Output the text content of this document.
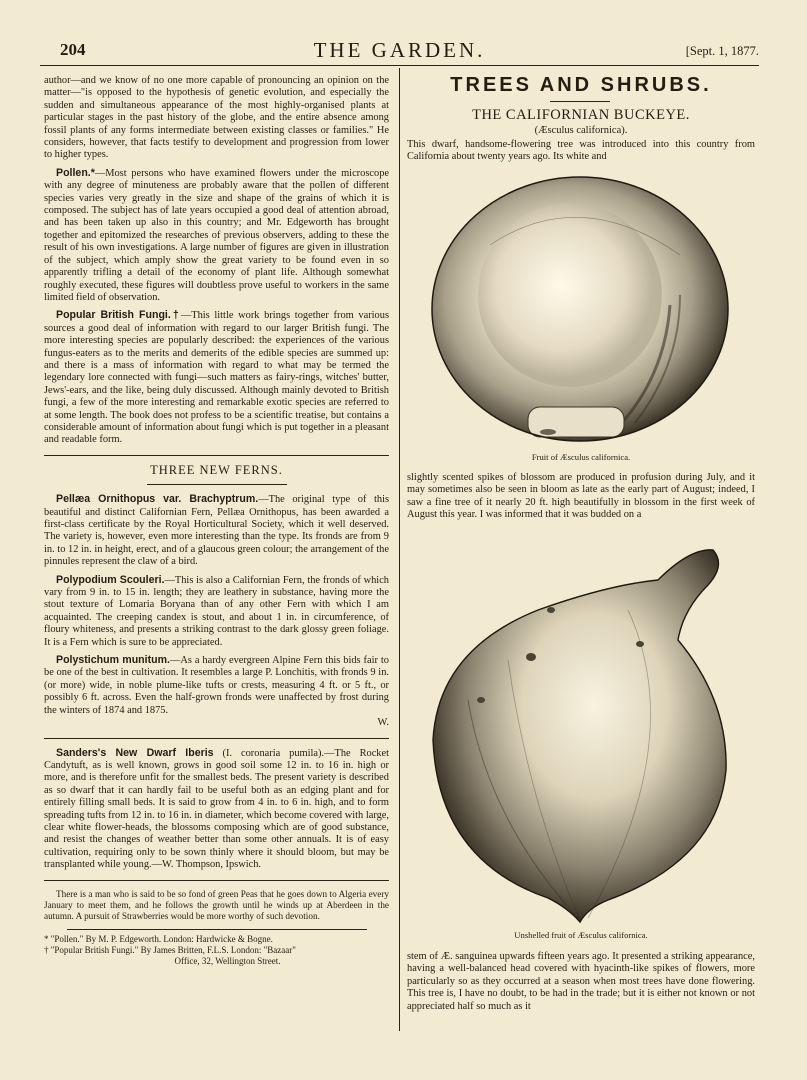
204	THE GARDEN.	[Sept. 1, 1877.

author—and we know of no one more capable of pronouncing an opinion on the matter—"is opposed to the hypothesis of genetic evolution, and especially the sudden and simultaneous appearance of the most highly-organised plants at particular stages in the past history of the globe, and the entire absence among fossil plants of any forms intermediate between existing classes or families." He considers, however, that facts testify to development and progression from lower to higher types.

Pollen.*—Most persons who have examined flowers under the microscope with any degree of minuteness are probably aware that the pollen of different species varies very greatly in the size and shape of the grains of which it is composed. The subject has of late years occupied a good deal of attention abroad, and has been taken up also in this country; and Mr. Edgeworth has brought together and epitomized the researches of previous observers, adding to these the result of his own investigations. A large number of figures are given in illustration of the subject, which amply show the great variety to be found even in so apparently trifling a detail of the economy of plant life. Although somewhat roughly executed, these figures will doubtless prove useful to workers in the same limited field of observation.

Popular British Fungi.†—This little work brings together from various sources a good deal of information with regard to our larger British fungi. The more interesting species are popularly described: the experiences of the various fungus-eaters as to the merits and demerits of the edible species are summed up: and there is a mass of information with regard to what may be termed the legendary lore connected with fungi—such matters as fairy-rings, witches' butter, Jews'-ears, and the like, being duly discussed. Although mainly devoted to British fungi, a few of the more interesting and remarkable exotic species are referred to at some length. The book does not profess to be a scientific treatise, but contains a considerable amount of information about fungi which is put together in a pleasant and readable form.

THREE NEW FERNS.

Pellæa Ornithopus var. Brachyptrum.—The original type of this beautiful and distinct Californian Fern, Pellæa Ornithopus, has been awarded a first-class certificate by the Royal Horticultural Society, which it well deserved. The variety is, however, even more interesting than the type. Its fronds are from 9 in. to 12 in. in height, erect, and of a glaucous green colour; the arrangement of the pinnules represent the claw of a bird.

Polypodium Scouleri.—This is also a Californian Fern, the fronds of which vary from 9 in. to 15 in. length; they are leathery in substance, having more the stout texture of Lomaria Boryana than of any other Fern with which I am acquainted. The creeping candex is stout, and about 1 in. in circumference, of floury whiteness, and presents a striking contrast to the dark glossy green foliage. It is a Fern which is sure to be appreciated.

Polystichum munitum.—As a hardy evergreen Alpine Fern this bids fair to be one of the best in cultivation. It resembles a large P. Lonchitis, with fronds 9 in. (or more) wide, in noble plume-like tufts or crests, measuring 4 ft. or 5 ft., or possibly 6 ft. across. Even the half-grown fronds were unaffected by frost during the winters of 1874 and 1875.

W.

Sanders's New Dwarf Iberis (I. coronaria pumila).—The Rocket Candytuft, as is well known, grows in good soil some 12 in. to 16 in. high or more, and is therefore unfit for the smallest beds. The present variety is described as so dwarf that it can hardly fail to be useful both as an edging plant and for entirely filling small beds. It is said to grow from 4 in. to 6 in. high, and to form spreading tufts from 12 in. to 16 in. in diameter, which become covered with large, clear white flower-heads, the blossoms composing which are of good substance, and resist the changes of weather better than some other annuals. It is of easy cultivation, requiring only to be sown thinly where it should bloom, but may be transplanted while young.—W. Thompson, Ipswich.

There is a man who is said to be so fond of green Peas that he goes down to Algeria every January to meet them, and he follows the growth until he winds up at Aberdeen in the autumn. A pursuit of Strawberries would be more worthy of such devotion.

* "Pollen." By M. P. Edgeworth. London: Hardwicke & Bogne.

† "Popular British Fungi." By James Britten, F.L.S. London: "Bazaar"

Office, 32, Wellington Street.

TREES AND SHRUBS.
THE CALIFORNIAN BUCKEYE.
(Æsculus californica).

This dwarf, handsome-flowering tree was introduced into this country from California about twenty years ago. Its white and

Fruit of Æsculus californica.

slightly scented spikes of blossom are produced in profusion during July, and it may sometimes also be seen in bloom as late as the early part of August; indeed, I saw a fine tree of it nearly 20 ft. high beautifully in blossom in the first week of August this year. I was informed that it was budded on a

Unshelled fruit of Æsculus californica.

stem of Æ. sanguinea upwards fifteen years ago. It presented a striking appearance, having a well-balanced head covered with hyacinth-like spikes of flowers, more particularly so as they occurred at a season when most trees have done flowering. This tree is, I have no doubt, to be had in the trade; but it is either not known or not appreciated half so much as it
